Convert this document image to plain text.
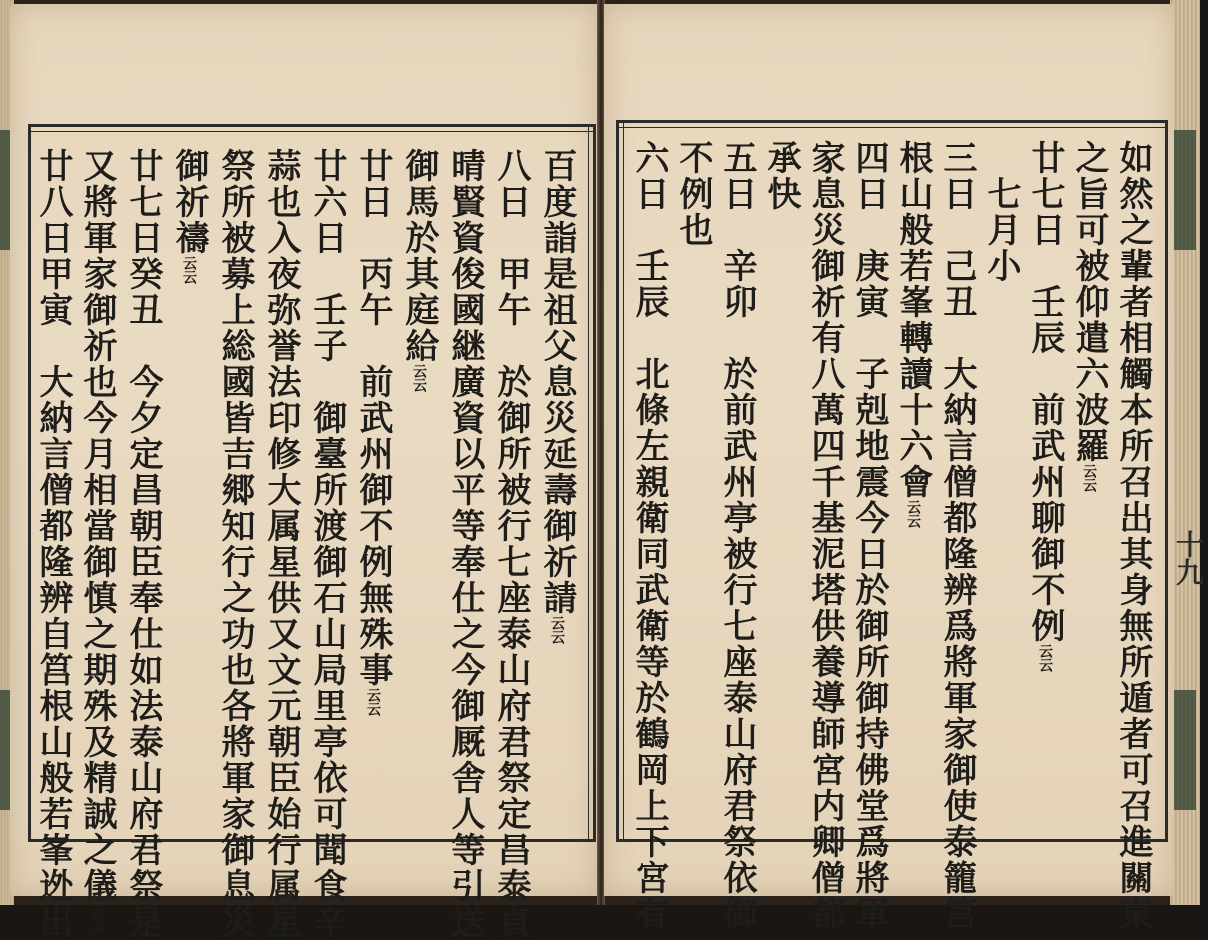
百度詣是祖父息災延壽御祈請云云
八日　甲午　於御所被行七座泰山府君祭定昌泰貞
晴賢資俊國継廣資以平等奉仕之今御厩舎人等引送
御馬於其庭給云云
廿日　丙午　前武州御不例無殊事云云
廿六日　壬子　御臺所渡御石山局里亭依可聞食辛
蒜也入夜弥誉法印修大属星供又文元朝臣始行属星
祭所被募上総國皆吉郷知行之功也各將軍家御息災
御祈禱云云
廿七日癸丑　今夕定昌朝臣奉仕如法泰山府君祭是
又將軍家御祈也今月相當御慎之期殊及精誠之儀云云
廿八日甲寅　大納言僧都隆辨自筥根山般若峯迯出	如然之輩者相觸本所召出其身無所遁者可召進關東
之旨可被仰遣六波羅云云
廿七日　壬辰　前武州聊御不例云云
　七月小
三日　己丑　大納言僧都隆辨爲將軍家御使泰籠筥
根山般若峯轉讀十六會云云
四日　庚寅　子剋地震今日於御所御持佛堂爲將軍
家息災御祈有八萬四千基泥塔供養導師宮内卿僧都
承快
五日　辛卯　於前武州亭被行七座泰山府君祭依御
不例也
六日　壬辰　北條左親衛同武衛等於鶴岡上下宮有	十九
